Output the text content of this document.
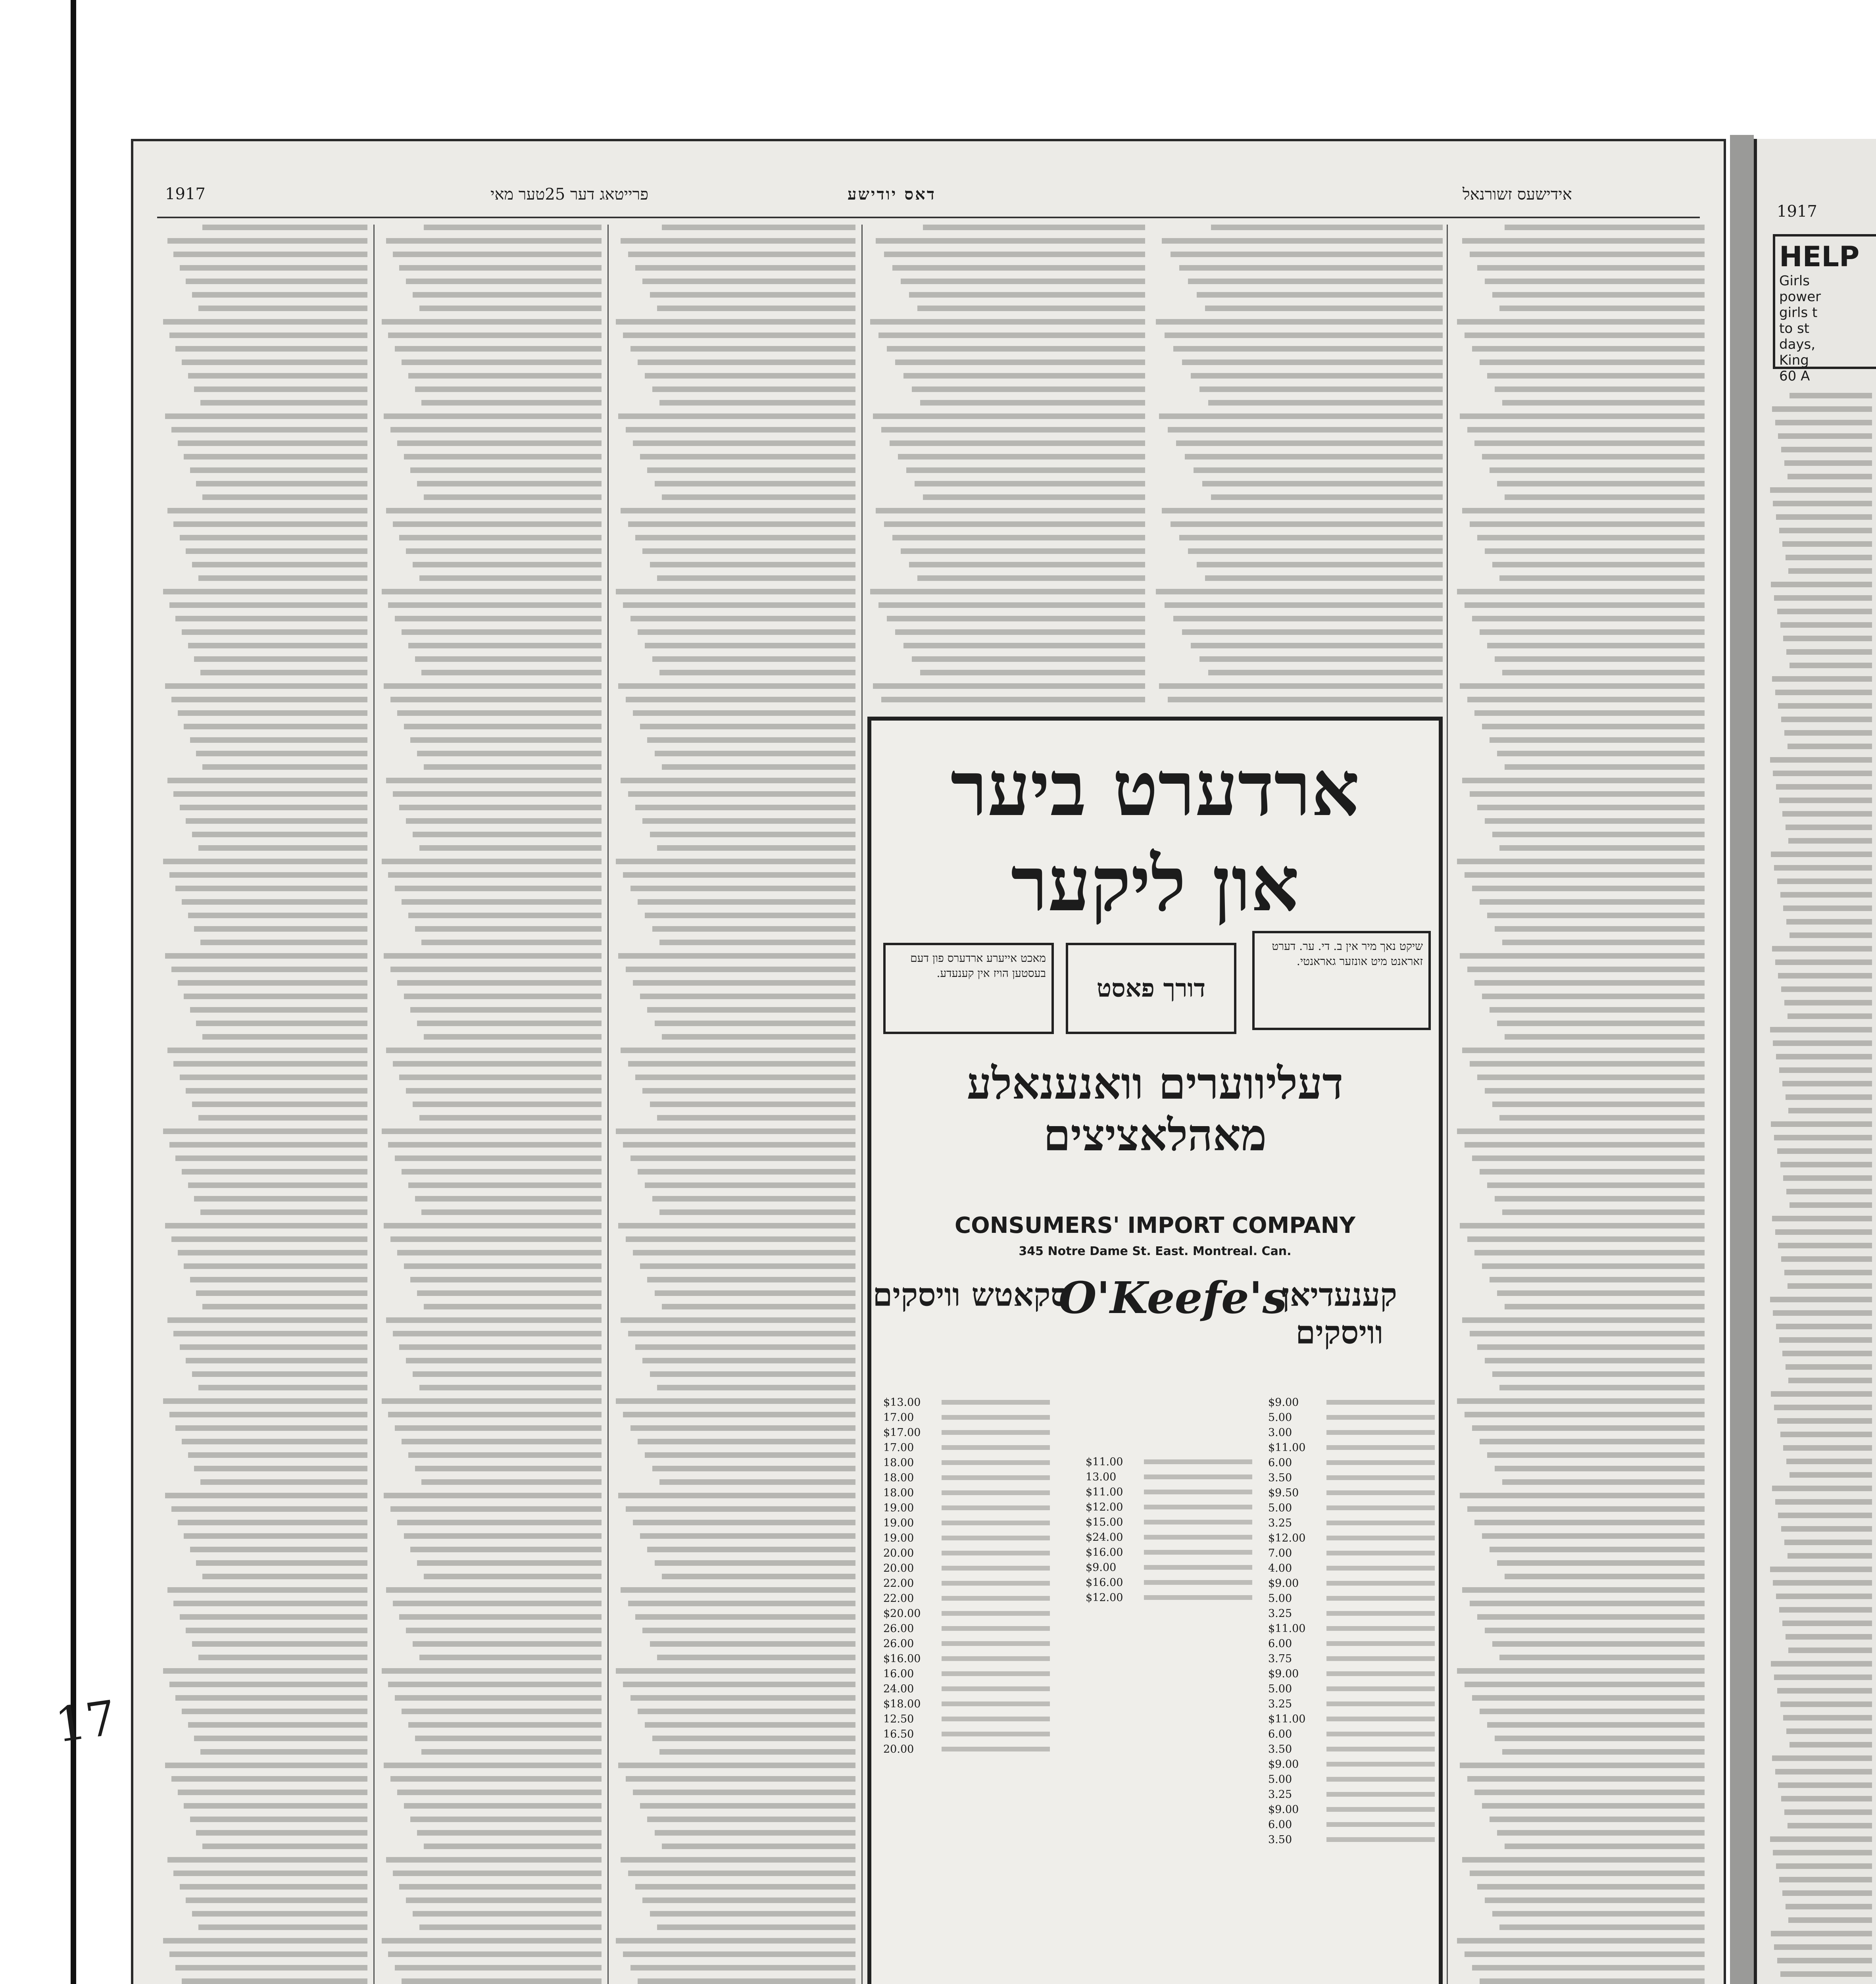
17
1917	פרייטאג דער 25טער מאי	דאס יודישע	אידישעס זשורנאל
ארדערט ביער
און ליקער
מאכט אייערע ארדערס פון דעם בעסטען הויז אין קענעדע.
דורך פאסט
שיקט נאך מיר אין ב. די. ער. דערט זאראנט מיט אונזער גאראנטי.
דעליווערים וואנענאלע מאהלאציצים
CONSUMERS' IMPORT COMPANY
345 Notre Dame St. East. Montreal. Can.
סקאטש וויסקים
O'Keefe's
קענעדיאן וויסקים
$13.00
17.00
$17.00
17.00
18.00
18.00
18.00
19.00
19.00
19.00
20.00
20.00
22.00
22.00
$20.00
26.00
26.00
$16.00
16.00
24.00
$18.00
12.50
16.50
20.00
$11.00
13.00
$11.00
$12.00
$15.00
$24.00
$16.00
$9.00
$16.00
$12.00
$9.00
5.00
3.00
$11.00
6.00
3.50
$9.50
5.00
3.25
$12.00
7.00
4.00
$9.00
5.00
3.25
$11.00
6.00
3.75
$9.00
5.00
3.25
$11.00
6.00
3.50
$9.00
5.00
3.25
$9.00
6.00
3.50
1917
HELP
Girls
power
girls t
to st
days,
King
60 A
